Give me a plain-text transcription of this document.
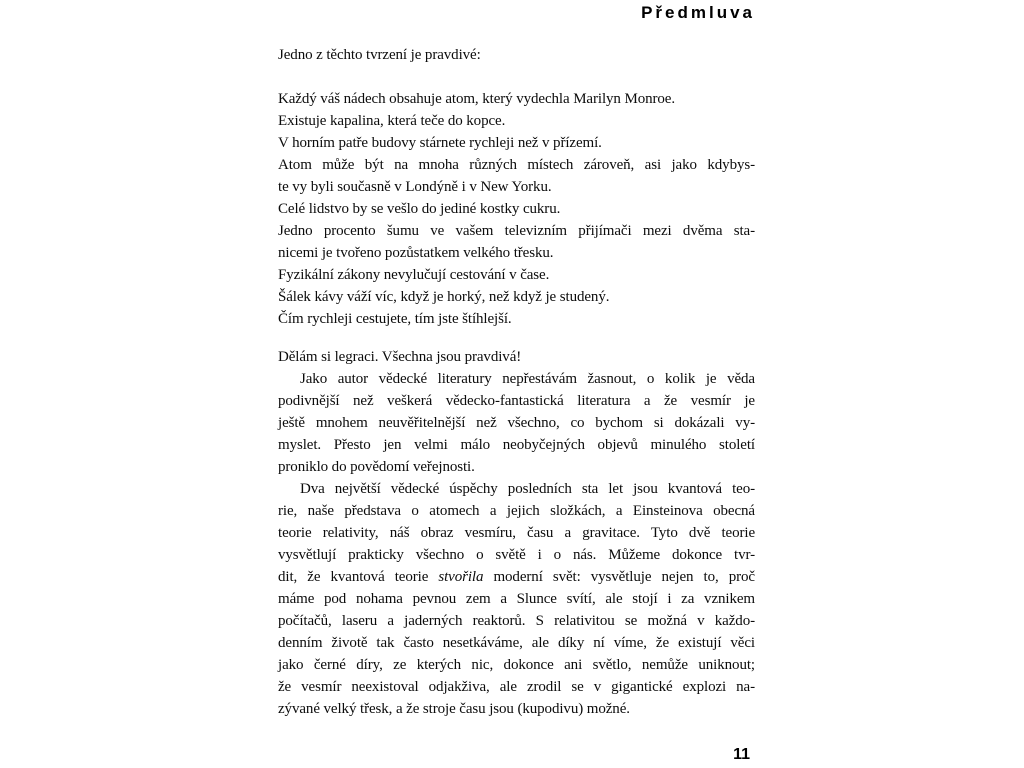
Předmluva
Jedno z těchto tvrzení je pravdivé:
Každý váš nádech obsahuje atom, který vydechla Marilyn Monroe.
Existuje kapalina, která teče do kopce.
V horním patře budovy stárnete rychleji než v přízemí.
Atom může být na mnoha různých místech zároveň, asi jako kdybys-
te vy byli současně v Londýně i v New Yorku.
Celé lidstvo by se vešlo do jediné kostky cukru.
Jedno procento šumu ve vašem televizním přijímači mezi dvěma sta-
nicemi je tvořeno pozůstatkem velkého třesku.
Fyzikální zákony nevylučují cestování v čase.
Šálek kávy váží víc, když je horký, než když je studený.
Čím rychleji cestujete, tím jste štíhlejší.
Dělám si legraci. Všechna jsou pravdivá!
Jako autor vědecké literatury nepřestávám žasnout, o kolik je věda
podivnější než veškerá vědecko-fantastická literatura a že vesmír je
ještě mnohem neuvěřitelnější než všechno, co bychom si dokázali vy-
myslet. Přesto jen velmi málo neobyčejných objevů minulého století
proniklo do povědomí veřejnosti.
Dva největší vědecké úspěchy posledních sta let jsou kvantová teo-
rie, naše představa o atomech a jejich složkách, a Einsteinova obecná
teorie relativity, náš obraz vesmíru, času a gravitace. Tyto dvě teorie
vysvětlují prakticky všechno o světě i o nás. Můžeme dokonce tvr-
dit, že kvantová teorie stvořila moderní svět: vysvětluje nejen to, proč
máme pod nohama pevnou zem a Slunce svítí, ale stojí i za vznikem
počítačů, laseru a jaderných reaktorů. S relativitou se možná v každo-
denním životě tak často nesetkáváme, ale díky ní víme, že existují věci
jako černé díry, ze kterých nic, dokonce ani světlo, nemůže uniknout;
že vesmír neexistoval odjakživa, ale zrodil se v gigantické explozi na-
zývané velký třesk, a že stroje času jsou (kupodivu) možné.
11
